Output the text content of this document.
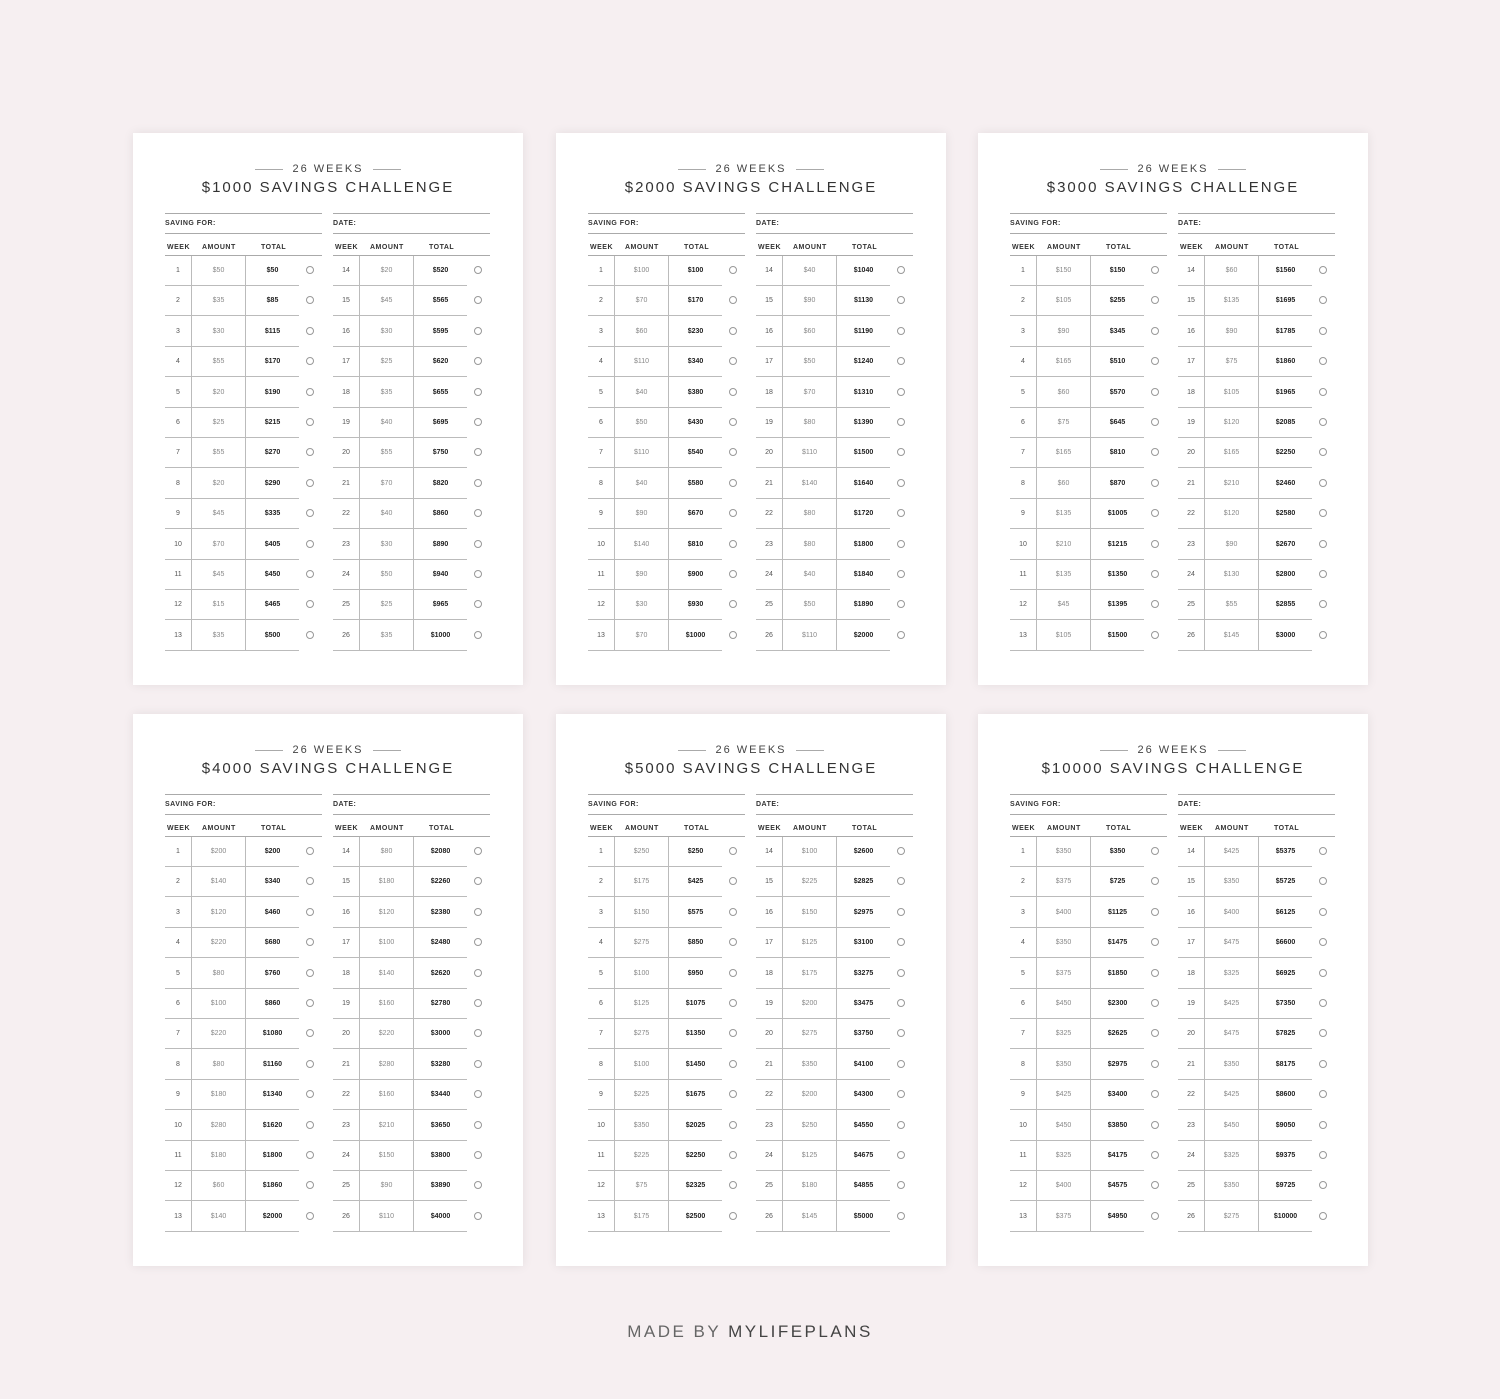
26 WEEKS
$1000 SAVINGS CHALLENGE
SAVING FOR:	DATE:
WEEK AMOUNT	TOTAL
1	$50	$50
2	$35	$85
3	$30	$115
4	$55	$170
5	$20	$190
6	$25	$215
7	$55	$270
8	$20	$290
9	$45	$335
10	$70	$405
11	$45	$450
12	$15	$465
13	$35	$500
WEEK AMOUNT	TOTAL
14	$20	$520
15	$45	$565
16	$30	$595
17	$25	$620
18	$35	$655
19	$40	$695
20	$55	$750
21	$70	$820
22	$40	$860
23	$30	$890
24	$50	$940
25	$25	$965
26	$35	$1000
26 WEEKS
$2000 SAVINGS CHALLENGE
SAVING FOR:	DATE:
WEEK AMOUNT	TOTAL
1	$100	$100
2	$70	$170
3	$60	$230
4	$110	$340
5	$40	$380
6	$50	$430
7	$110	$540
8	$40	$580
9	$90	$670
10	$140	$810
11	$90	$900
12	$30	$930
13	$70	$1000
WEEK AMOUNT	TOTAL
14	$40	$1040
15	$90	$1130
16	$60	$1190
17	$50	$1240
18	$70	$1310
19	$80	$1390
20	$110	$1500
21	$140	$1640
22	$80	$1720
23	$80	$1800
24	$40	$1840
25	$50	$1890
26	$110	$2000
26 WEEKS
$3000 SAVINGS CHALLENGE
SAVING FOR:	DATE:
WEEK AMOUNT	TOTAL
1	$150	$150
2	$105	$255
3	$90	$345
4	$165	$510
5	$60	$570
6	$75	$645
7	$165	$810
8	$60	$870
9	$135	$1005
10	$210	$1215
11	$135	$1350
12	$45	$1395
13	$105	$1500
WEEK AMOUNT	TOTAL
14	$60	$1560
15	$135	$1695
16	$90	$1785
17	$75	$1860
18	$105	$1965
19	$120	$2085
20	$165	$2250
21	$210	$2460
22	$120	$2580
23	$90	$2670
24	$130	$2800
25	$55	$2855
26	$145	$3000
26 WEEKS
$4000 SAVINGS CHALLENGE
SAVING FOR:	DATE:
WEEK AMOUNT	TOTAL
1	$200	$200
2	$140	$340
3	$120	$460
4	$220	$680
5	$80	$760
6	$100	$860
7	$220	$1080
8	$80	$1160
9	$180	$1340
10	$280	$1620
11	$180	$1800
12	$60	$1860
13	$140	$2000
WEEK AMOUNT	TOTAL
14	$80	$2080
15	$180	$2260
16	$120	$2380
17	$100	$2480
18	$140	$2620
19	$160	$2780
20	$220	$3000
21	$280	$3280
22	$160	$3440
23	$210	$3650
24	$150	$3800
25	$90	$3890
26	$110	$4000
26 WEEKS
$5000 SAVINGS CHALLENGE
SAVING FOR:	DATE:
WEEK AMOUNT	TOTAL
1	$250	$250
2	$175	$425
3	$150	$575
4	$275	$850
5	$100	$950
6	$125	$1075
7	$275	$1350
8	$100	$1450
9	$225	$1675
10	$350	$2025
11	$225	$2250
12	$75	$2325
13	$175	$2500
WEEK AMOUNT	TOTAL
14	$100	$2600
15	$225	$2825
16	$150	$2975
17	$125	$3100
18	$175	$3275
19	$200	$3475
20	$275	$3750
21	$350	$4100
22	$200	$4300
23	$250	$4550
24	$125	$4675
25	$180	$4855
26	$145	$5000
26 WEEKS
$10000 SAVINGS CHALLENGE
SAVING FOR:	DATE:
WEEK AMOUNT	TOTAL
1	$350	$350
2	$375	$725
3	$400	$1125
4	$350	$1475
5	$375	$1850
6	$450	$2300
7	$325	$2625
8	$350	$2975
9	$425	$3400
10	$450	$3850
11	$325	$4175
12	$400	$4575
13	$375	$4950
WEEK AMOUNT	TOTAL
14	$425	$5375
15	$350	$5725
16	$400	$6125
17	$475	$6600
18	$325	$6925
19	$425	$7350
20	$475	$7825
21	$350	$8175
22	$425	$8600
23	$450	$9050
24	$325	$9375
25	$350	$9725
26	$275	$10000
MADE BY MYLIFEPLANS
